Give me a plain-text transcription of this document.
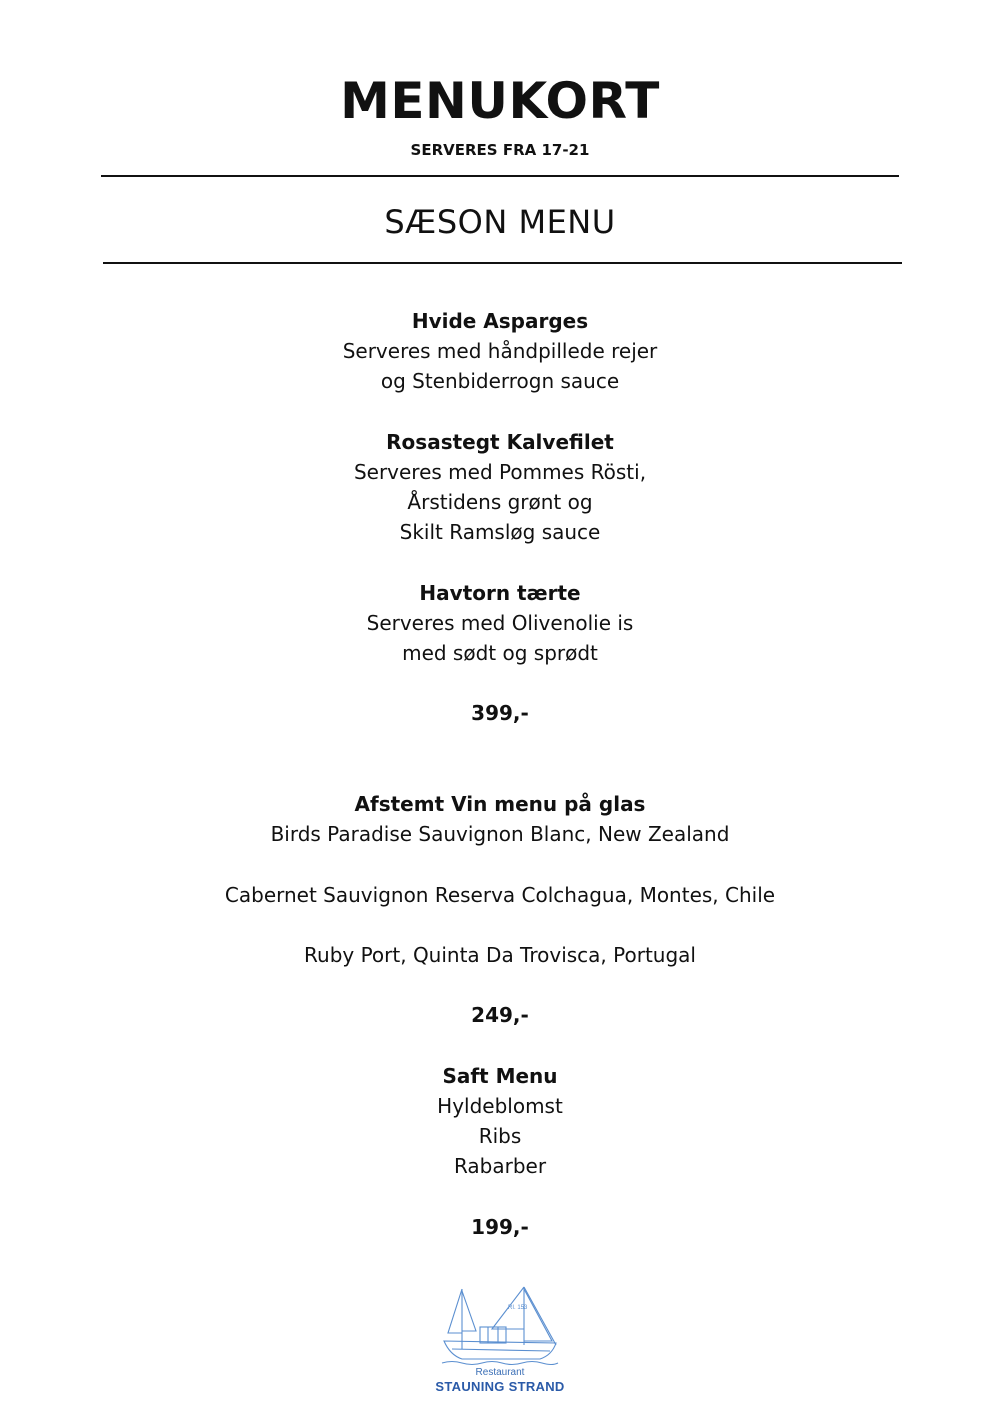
MENUKORT
SERVERES FRA 17-21
SÆSON MENU
Hvide Asparges
Serveres med håndpillede rejer
og Stenbiderrogn sauce
Rosastegt Kalvefilet
Serveres med Pommes Rösti,
Årstidens grønt og
Skilt Ramsløg sauce
Havtorn tærte
Serveres med Olivenolie is
med sødt og sprødt
399,-
Afstemt Vin menu på glas
Birds Paradise Sauvignon Blanc, New Zealand
Cabernet Sauvignon Reserva Colchagua, Montes, Chile
Ruby Port, Quinta Da Trovisca, Portugal
249,-
Saft Menu
Hyldeblomst
Ribs
Rabarber
199,-
RI. 153
Restaurant
STAUNING STRAND
